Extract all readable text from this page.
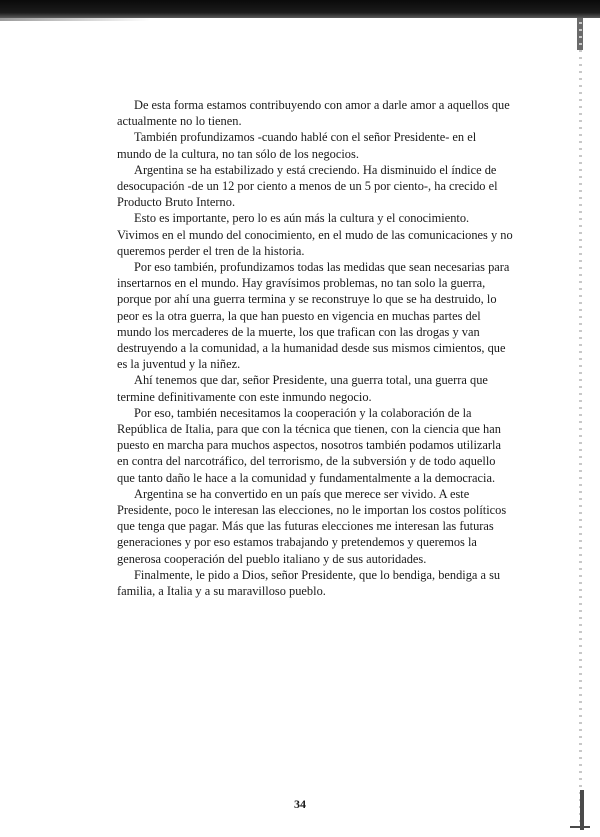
De esta forma estamos contribuyendo con amor a darle amor a aquellos que actualmente no lo tienen.

También profundizamos -cuando hablé con el señor Presidente- en el mundo de la cultura, no tan sólo de los negocios.

Argentina se ha estabilizado y está creciendo. Ha disminuido el índice de desocupación -de un 12 por ciento a menos de un 5 por ciento-, ha crecido el Producto Bruto Interno.

Esto es importante, pero lo es aún más la cultura y el conocimiento. Vivimos en el mundo del conocimiento, en el mudo de las comunicaciones y no queremos perder el tren de la historia.

Por eso también, profundizamos todas las medidas que sean necesarias para insertarnos en el mundo. Hay gravísimos problemas, no tan solo la guerra, porque por ahí una guerra termina y se reconstruye lo que se ha destruido, lo peor es la otra guerra, la que han puesto en vigencia en muchas partes del mundo los mercaderes de la muerte, los que trafican con las drogas y van destruyendo a la comunidad, a la humanidad desde sus mismos cimientos, que es la juventud y la niñez.

Ahí tenemos que dar, señor Presidente, una guerra total, una guerra que termine definitivamente con este inmundo negocio.

Por eso, también necesitamos la cooperación y la colaboración de la República de Italia, para que con la técnica que tienen, con la ciencia que han puesto en marcha para muchos aspectos, nosotros también podamos utilizarla en contra del narcotráfico, del terrorismo, de la subversión y de todo aquello que tanto daño le hace a la comunidad y fundamentalmente a la democracia.

Argentina se ha convertido en un país que merece ser vivido. A este Presidente, poco le interesan las elecciones, no le importan los costos políticos que tenga que pagar. Más que las futuras elecciones me interesan las futuras generaciones y por eso estamos trabajando y pretendemos y queremos la generosa cooperación del pueblo italiano y de sus autoridades.

Finalmente, le pido a Dios, señor Presidente, que lo bendiga, bendiga a su familia, a Italia y a su maravilloso pueblo.

34
